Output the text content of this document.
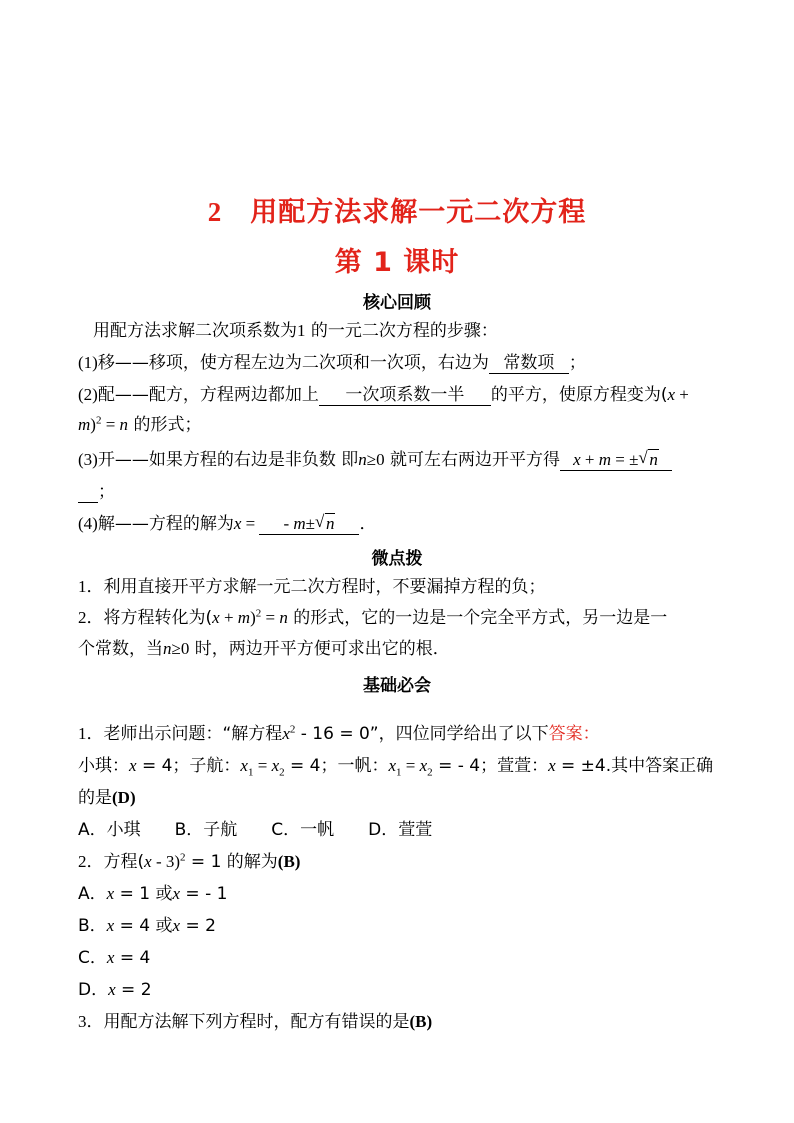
2　 用配方法求解一元二次方程
第 1 课时
核心回顾
用配方法求解二次项系数为1 的一元二次方程的步骤：
(1)移——移项，使方程左边为二次项和一次项，右边为 常数项 ；
(2)配——配方，方程两边都加上 一次项系数一半 的平方，使原方程变为(x +
m)$^2$ = n 的形式；
(3)开——如果方程的右边是非负数 即n≥0 就可左右两边开平方得 x + m = ± √ n
；
(4)解——方程的解为x = - m± √ n ．
微点拨
1．利用直接开平方求解一元二次方程时，不要漏掉方程的负；
2．将方程转化为$(x + m)^2 = n$ 的形式，它的一边是一个完全平方式，另一边是一
个常数，当n≥0 时，两边开平方便可求出它的根．
基础必会
1．老师出示问题：“解方程$x^2 - 16 = 0$”，四位同学给出了以下答案：
小琪：x = 4；子航：$x_1 = x_2 = 4$；一帆：$x_1 = x_2$ = - 4；萱萱：x = ±4.其中答案正确
的是(D)
A．小琪　　B．子航　　C．一帆　　D．萱萱
2．方程(x - 3)$^2$ = 1 的解为(B)
A．x = 1 或x = - 1
B．x = 4 或x = 2
C．x = 4
D．x = 2
3．用配方法解下列方程时，配方有错误的是(B)
